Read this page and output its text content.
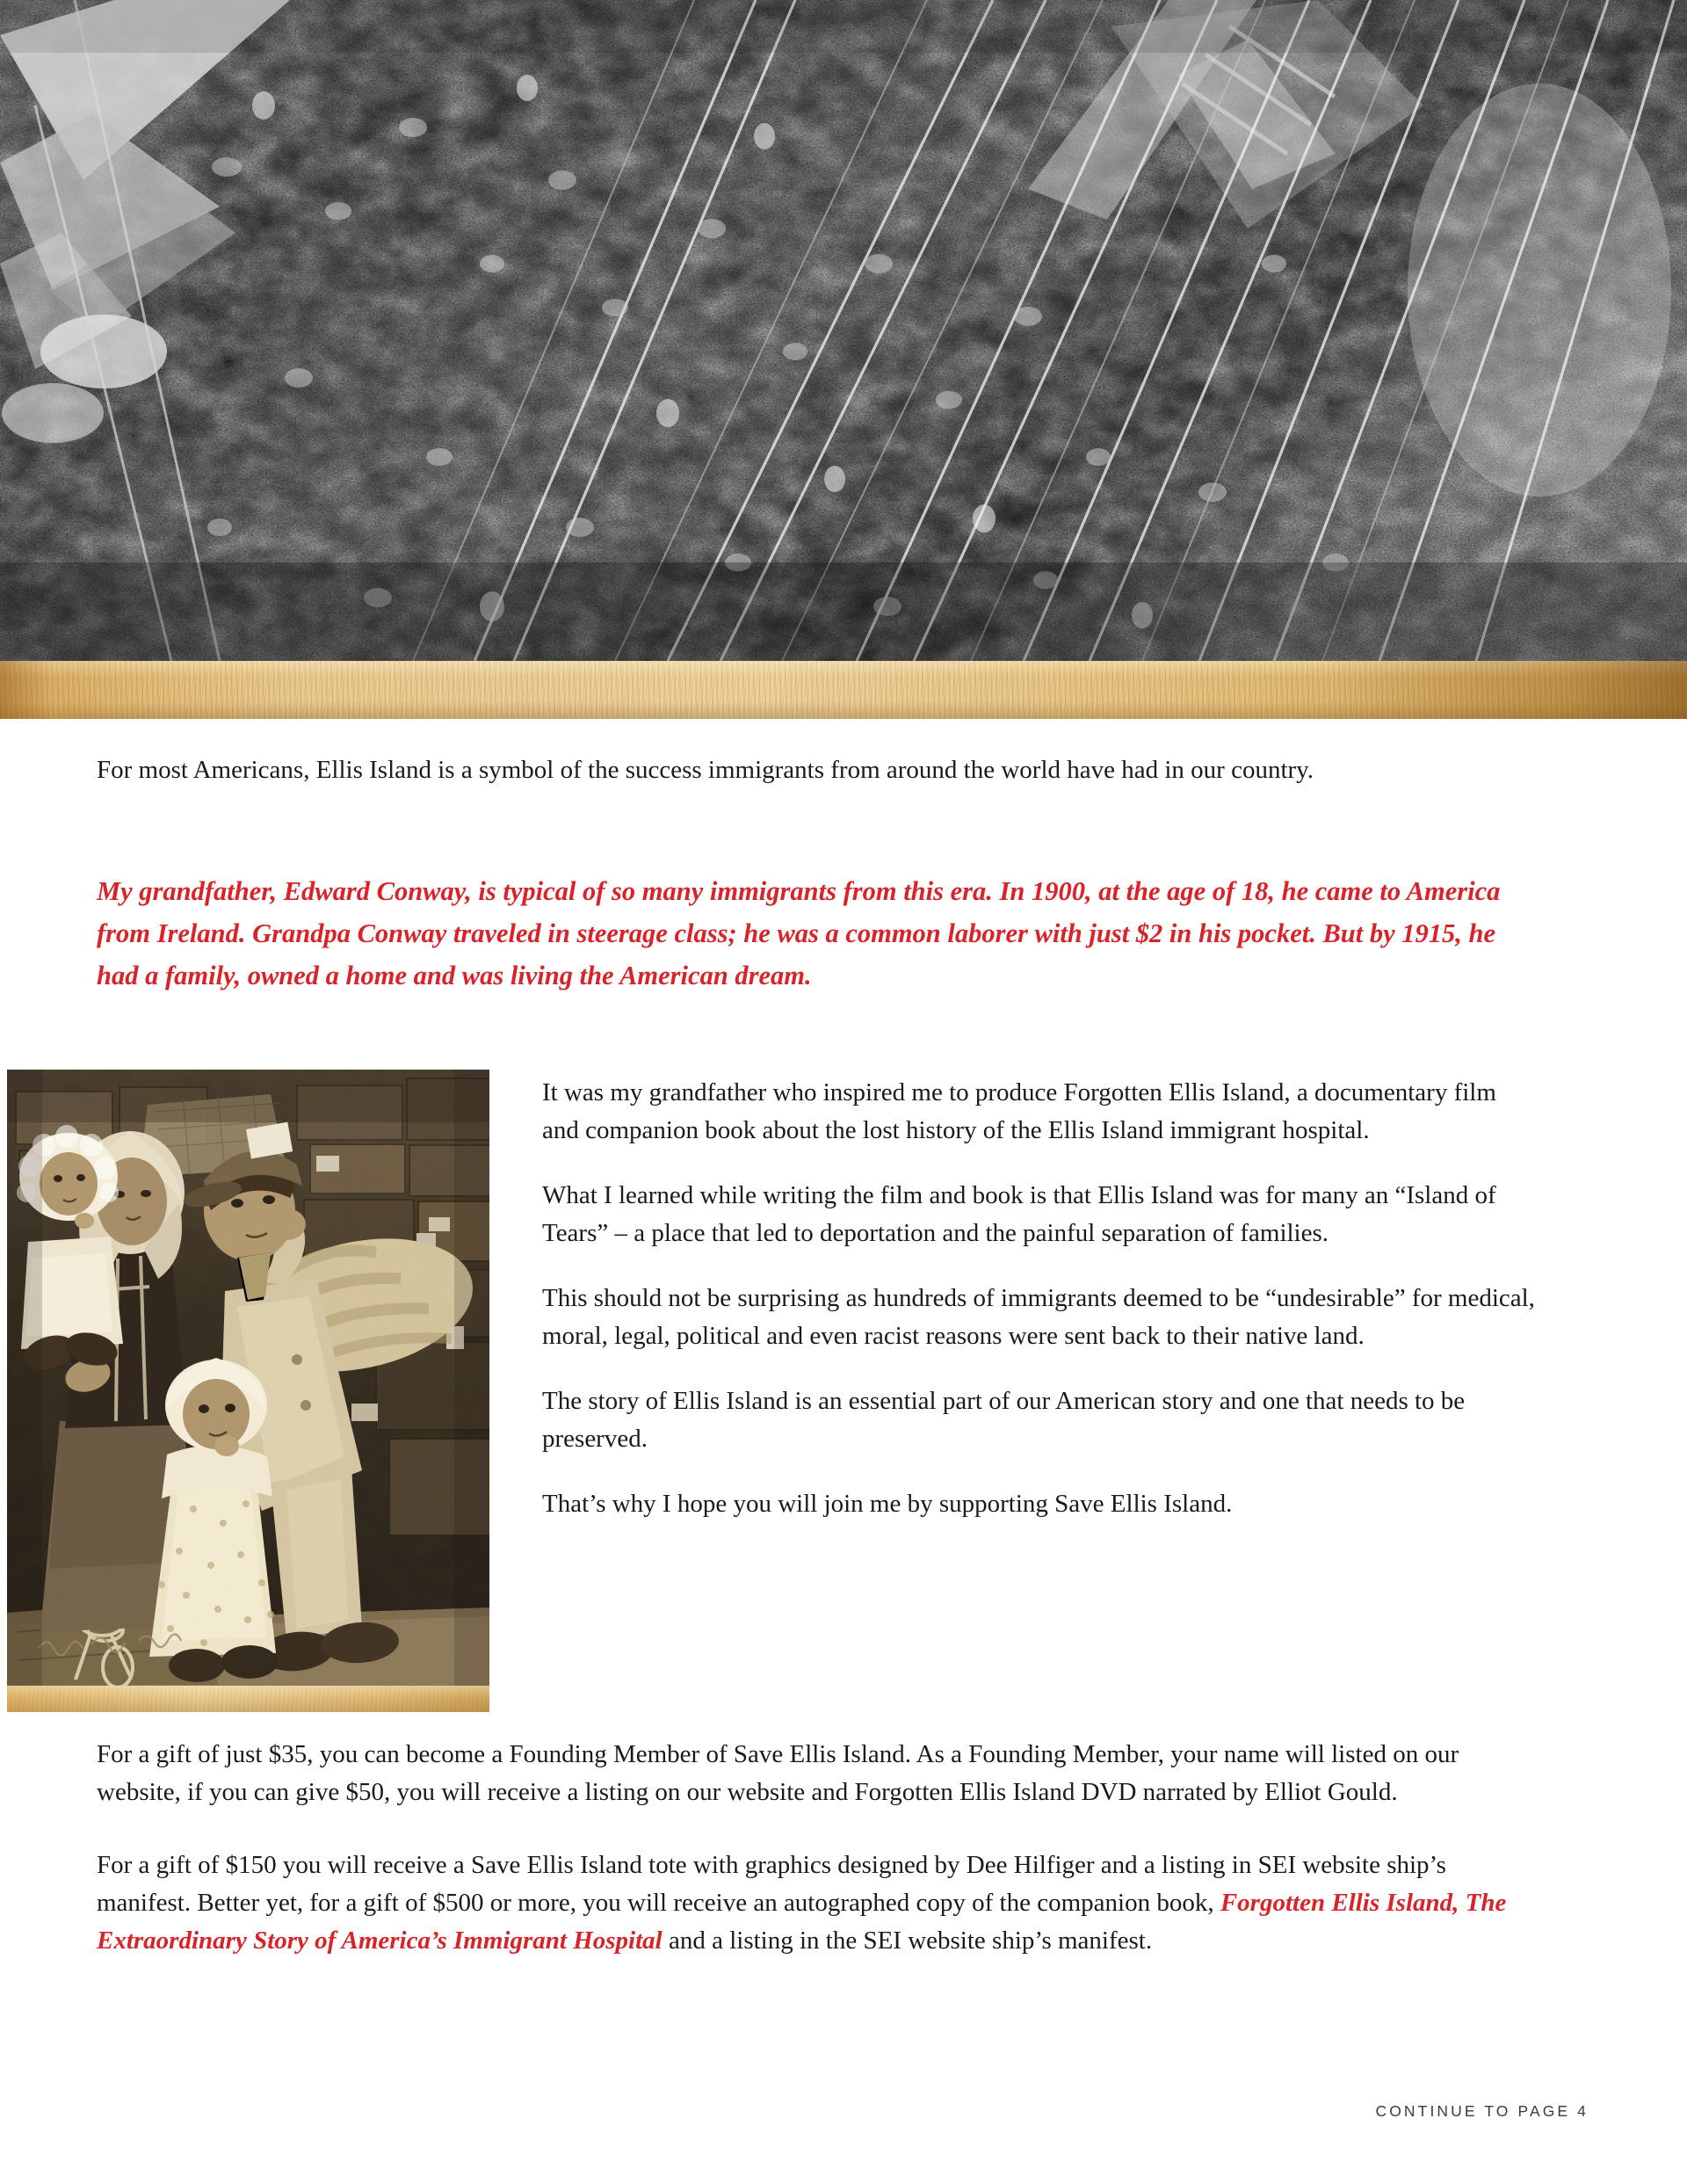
For most Americans, Ellis Island is a symbol of the success immigrants from around the world have had in our country.
My grandfather, Edward Conway, is typical of so many immigrants from this era. In 1900, at the age of 18, he came to America from Ireland. Grandpa Conway traveled in steerage class; he was a common laborer with just $2 in his pocket. But by 1915, he had a family, owned a home and was living the American dream.

It was my grandfather who inspired me to produce Forgotten Ellis Island, a documentary film and companion book about the lost history of the Ellis Island immigrant hospital.

What I learned while writing the film and book is that Ellis Island was for many an “Island of Tears” – a place that led to deportation and the painful separation of families.

This should not be surprising as hundreds of immigrants deemed to be “undesirable” for medical, moral, legal, political and even racist reasons were sent back to their native land.

The story of Ellis Island is an essential part of our American story and one that needs to be preserved.

That’s why I hope you will join me by supporting Save Ellis Island.

For a gift of just $35, you can become a Founding Member of Save Ellis Island. As a Founding Member, your name will listed on our website, if you can give $50, you will receive a listing on our website and Forgotten Ellis Island DVD narrated by Elliot Gould.

For a gift of $150 you will receive a Save Ellis Island tote with graphics designed by Dee Hilfiger and a listing in SEI website ship’s manifest. Better yet, for a gift of $500 or more, you will receive an autographed copy of the companion book, Forgotten Ellis Island, The Extraordinary Story of America’s Immigrant Hospital and a listing in the SEI website ship’s manifest.

CONTINUE TO PAGE 4
